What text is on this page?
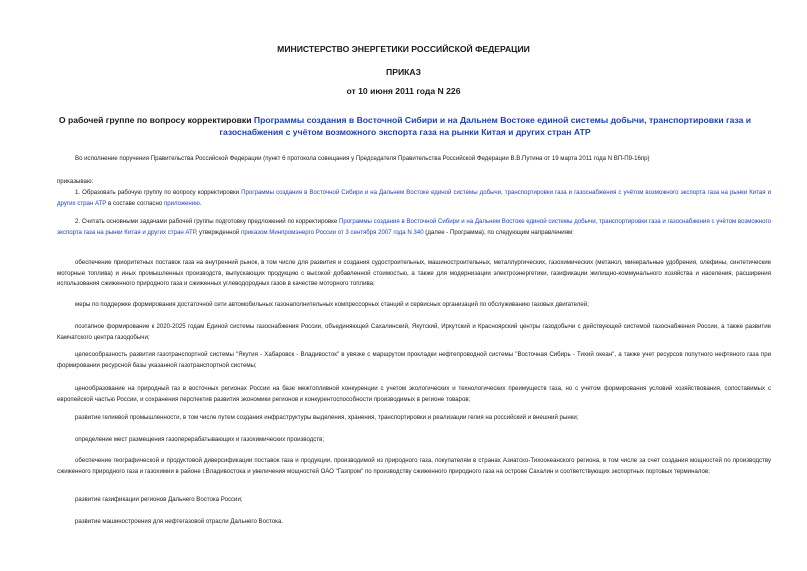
МИНИСТЕРСТВО ЭНЕРГЕТИКИ РОССИЙСКОЙ ФЕДЕРАЦИИ
ПРИКАЗ
от 10 июня 2011 года N 226
О рабочей группе по вопросу корректировки Программы создания в Восточной Сибири и на Дальнем Востоке единой системы добычи, транспортировки газа и газоснабжения с учётом возможного экспорта газа на рынки Китая и других стран АТР
Во исполнение поручения Правительства Российской Федерации (пункт 6 протокола совещания у Председателя Правительства Российской Федерации В.В.Путина от 19 марта 2011 года N ВП-П9-16пр)
приказываю:
1. Образовать рабочую группу по вопросу корректировки Программы создания в Восточной Сибири и на Дальнем Востоке единой системы добычи, транспортировки газа и газоснабжения с учётом возможного экспорта газа на рынки Китая и других стран АТР в составе согласно приложению.
2. Считать основными задачами рабочей группы подготовку предложений по корректировке Программы создания в Восточной Сибири и на Дальнем Востоке единой системы добычи, транспортировки газа и газоснабжения с учётом возможного экспорта газа на рынки Китая и других стран АТР, утвержденной приказом Минпромэнерго России от 3 сентября 2007 года N 340 (далее - Программа), по следующим направлениям:
обеспечение приоритетных поставок газа на внутренний рынок, в том числе для развития и создания судостроительных, машиностроительных, металлургических, газохимических (метанол, минеральные удобрения, олефины, синтетические моторные топлива) и иных промышленных производств, выпускающих продукцию с высокой добавленной стоимостью, а также для модернизации электроэнергетики, газификации жилищно-коммунального хозяйства и населения, расширения использования сжиженного природного газа и сжиженных углеводородных газов в качестве моторного топлива;
меры по поддержке формирования достаточной сети автомобильных газонаполнительных компрессорных станций и сервисных организаций по обслуживанию газовых двигателей;
поэтапное формирование к 2020-2025 годам Единой системы газоснабжения России, объединяющей Сахалинский, Якутский, Иркутский и Красноярский центры газодобычи с действующей системой газоснабжения России, а также развитие Камчатского центра газодобычи;
целесообразность развития газотранспортной системы "Якутия - Хабаровск - Владивосток" в увязке с маршрутом прокладки нефтепроводной системы "Восточная Сибирь - Тихий океан", а также учет ресурсов попутного нефтяного газа при формировании ресурсной базы указанной газотранспортной системы;
ценообразование на природный газ в восточных регионах России на базе межтопливной конкуренции с учетом экологических и технологических преимуществ газа, но с учетом формирования условий хозяйствования, сопоставимых с европейской частью России, и сохранения перспектив развития экономики регионов и конкурентоспособности производимых в регионе товаров;
развитие гелиевой промышленности, в том числе путем создания инфраструктуры выделения, хранения, транспортировки и реализации гелия на российский и внешний рынки;
определение мест размещения газоперерабатывающих и газохимических производств;
обеспечение географической и продуктовой диверсификации поставок газа и продукции, производимой из природного газа, покупателям в странах Азиатско-Тихоокеанского региона, в том числе за счет создания мощностей по производству сжиженного природного газа и газохимии в районе г.Владивостока и увеличения мощностей ОАО "Газпром" по производству сжиженного природного газа на острове Сахалин и соответствующих экспортных портовых терминалов;
развитие газификации регионов Дальнего Востока России;
развитие машиностроения для нефтегазовой отрасли Дальнего Востока.
